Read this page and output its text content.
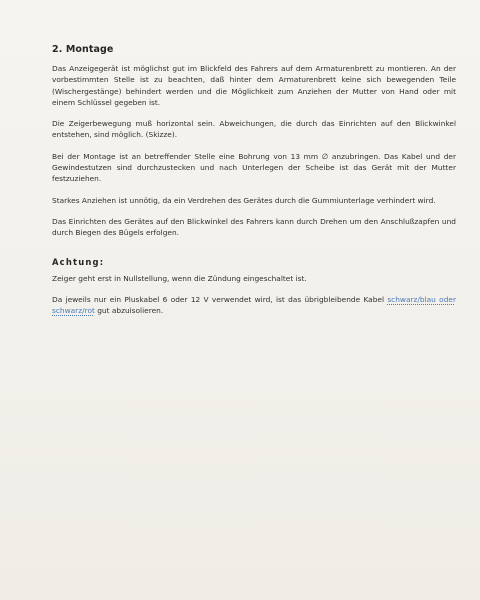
2. Montage

Das Anzeigegerät ist möglichst gut im Blickfeld des Fahrers auf dem Armaturenbrett zu montieren. An der vorbestimmten Stelle ist zu beachten, daß hinter dem Armaturenbrett keine sich bewegenden Teile (Wischergestänge) behindert werden und die Möglichkeit zum Anziehen der Mutter von Hand oder mit einem Schlüssel gegeben ist.

Die Zeigerbewegung muß horizontal sein. Abweichungen, die durch das Einrichten auf den Blickwinkel entstehen, sind möglich. (Skizze).

Bei der Montage ist an betreffender Stelle eine Bohrung von 13 mm ∅ anzubringen. Das Kabel und der Gewindestutzen sind durchzustecken und nach Unterlegen der Scheibe ist das Gerät mit der Mutter festzuziehen.

Starkes Anziehen ist unnötig, da ein Verdrehen des Gerätes durch die Gummiunterlage verhindert wird.

Das Einrichten des Gerätes auf den Blickwinkel des Fahrers kann durch Drehen um den Anschlußzapfen und durch Biegen des Bügels erfolgen.

Achtung:

Zeiger geht erst in Nullstellung, wenn die Zündung eingeschaltet ist.

Da jeweils nur ein Pluskabel 6 oder 12 V verwendet wird, ist das übrigbleibende Kabel schwarz/blau oder schwarz/rot gut abzuisolieren.
